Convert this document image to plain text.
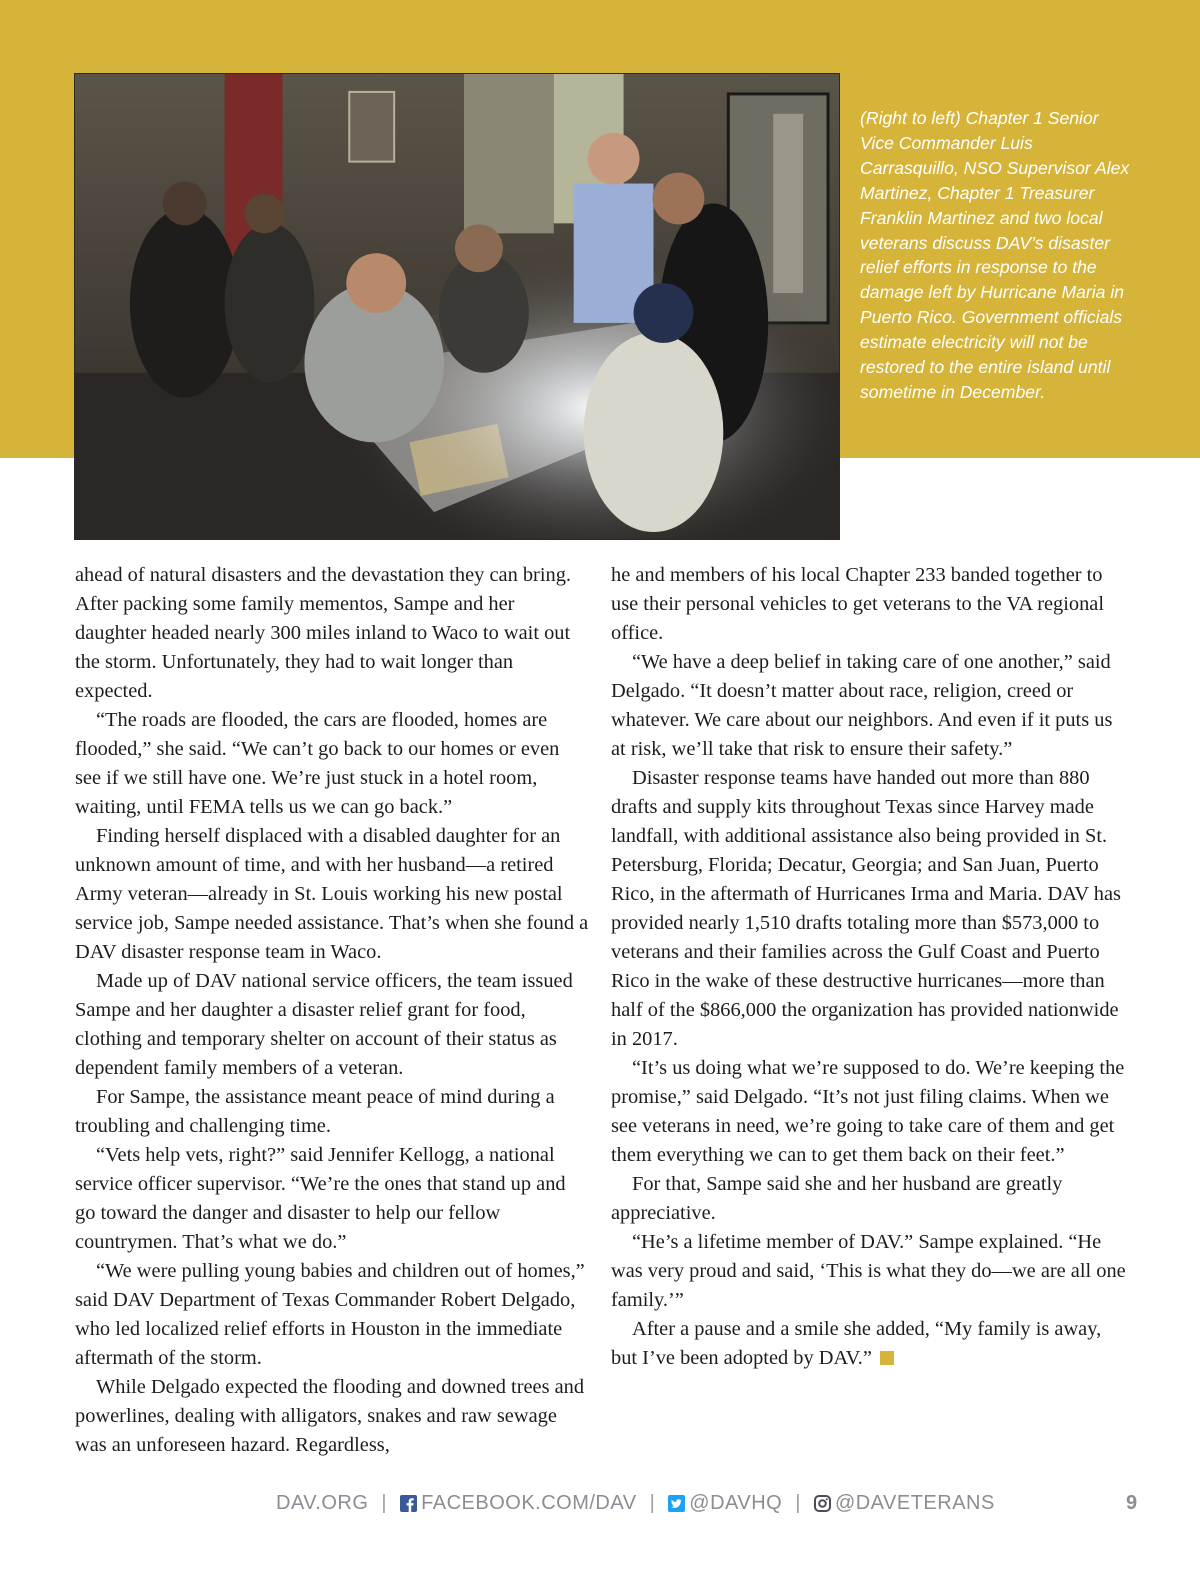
(Right to left) Chapter 1 Senior Vice Commander Luis Carrasquillo, NSO Supervisor Alex Martinez, Chapter 1 Treasurer Franklin Martinez and two local veterans discuss DAV’s disaster relief efforts in response to the damage left by Hurricane Maria in Puerto Rico. Government officials estimate electricity will not be restored to the entire island until sometime in December.

ahead of natural disasters and the devastation they can bring. After packing some family mementos, Sampe and her daughter headed nearly 300 miles inland to Waco to wait out the storm. Unfortunately, they had to wait longer than expected.

“The roads are flooded, the cars are flooded, homes are flooded,” she said. “We can’t go back to our homes or even see if we still have one. We’re just stuck in a hotel room, waiting, until FEMA tells us we can go back.”

Finding herself displaced with a disabled daughter for an unknown amount of time, and with her husband—a retired Army veteran—already in St. Louis working his new postal service job, Sampe needed assistance. That’s when she found a DAV disaster response team in Waco.

Made up of DAV national service officers, the team issued Sampe and her daughter a disaster relief grant for food, clothing and temporary shelter on account of their status as dependent family members of a veteran.

For Sampe, the assistance meant peace of mind during a troubling and challenging time.

“Vets help vets, right?” said Jennifer Kellogg, a national service officer supervisor. “We’re the ones that stand up and go toward the danger and disaster to help our fellow countrymen. That’s what we do.”

“We were pulling young babies and children out of homes,” said DAV Department of Texas Commander Robert Delgado, who led localized relief efforts in Houston in the immediate aftermath of the storm.

While Delgado expected the flooding and downed trees and powerlines, dealing with alligators, snakes and raw sewage was an unforeseen hazard. Regardless,

he and members of his local Chapter 233 banded together to use their personal vehicles to get veterans to the VA regional office.

“We have a deep belief in taking care of one another,” said Delgado. “It doesn’t matter about race, religion, creed or whatever. We care about our neighbors. And even if it puts us at risk, we’ll take that risk to ensure their safety.”

Disaster response teams have handed out more than 880 drafts and supply kits throughout Texas since Harvey made landfall, with additional assistance also being provided in St. Petersburg, Florida; Decatur, Georgia; and San Juan, Puerto Rico, in the aftermath of Hurricanes Irma and Maria. DAV has provided nearly 1,510 drafts totaling more than $573,000 to veterans and their families across the Gulf Coast and Puerto Rico in the wake of these destructive hurricanes—more than half of the $866,000 the organization has provided nationwide in 2017.

“It’s us doing what we’re supposed to do. We’re keeping the promise,” said Delgado. “It’s not just filing claims. When we see veterans in need, we’re going to take care of them and get them everything we can to get them back on their feet.”

For that, Sampe said she and her husband are greatly appreciative.

“He’s a lifetime member of DAV.” Sampe explained. “He was very proud and said, ‘This is what they do—we are all one family.’”

After a pause and a smile she added, “My family is away, but I’ve been adopted by DAV.”

DAV.ORG | FACEBOOK.COM/DAV | @DAVHQ | @DAVETERANS	9
